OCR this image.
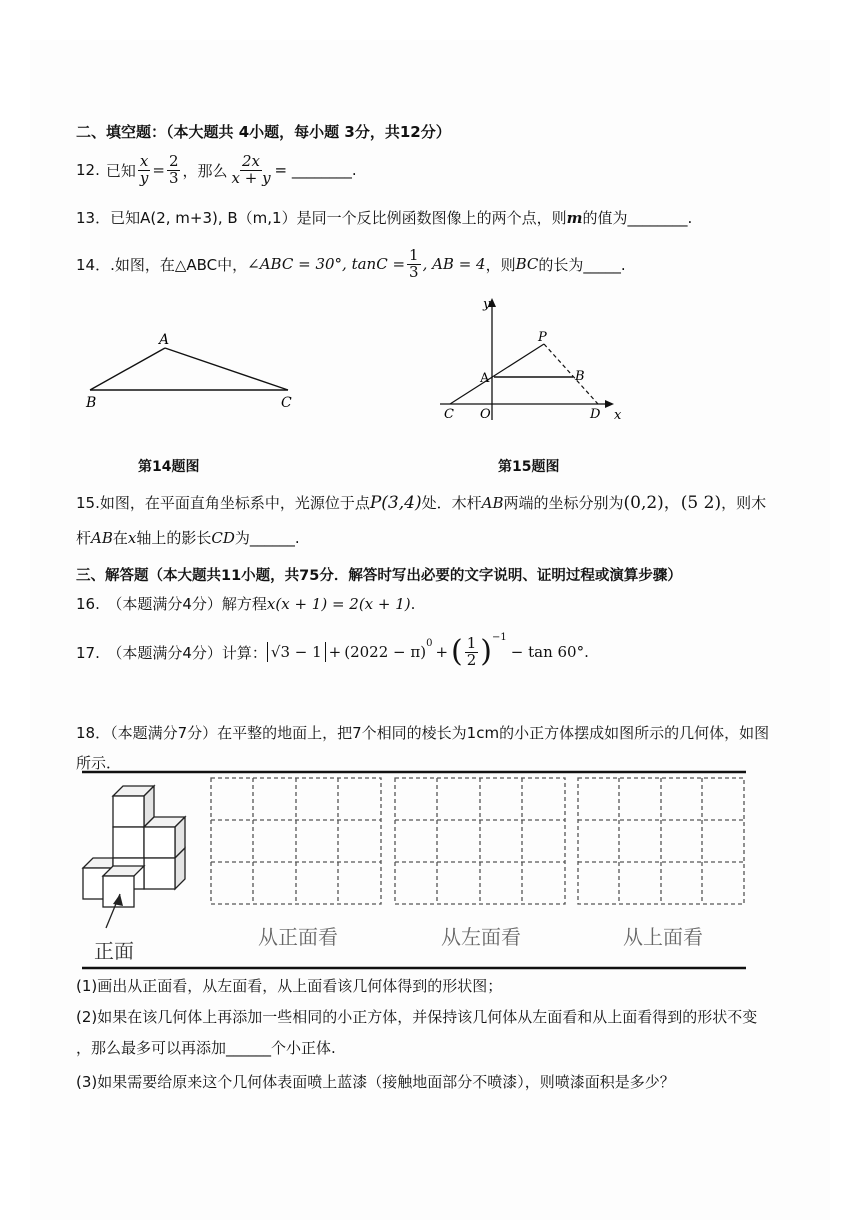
二、填空题：（本大题共 4小题，每小题 3分，共12分）
12. 已知 $\frac{x}{y} = \frac{2}{3}$ ，那么 $\frac{2x}{x + y}$ = ________.
13．已知A(2, m+3), B（m,1）是同一个反比例函数图像上的两个点，则m的值为________.
14．.如图，在△ABC中， ∠ABC = 30°, $\tan C = \frac{1}{3}$ , AB = 4 ，则 BC 的长为_____.
A
B	C
第14题图
y
x
P
A	B
C O	D
第15题图
15.如图，在平面直角坐标系中，光源位于点P(3,4)处．木杆AB两端的坐标分别为(0,2)，(5 2)，则木
杆AB在x轴上的影长CD为______.
三、解答题（本大题共11小题，共75分．解答时写出必要的文字说明、证明过程或演算步骤）
16.　（本题满分4分）解方程x(x + 1) = 2(x + 1).
17.　（本题满分4分）计算： $√3 - 1 + (2022 - \pi)^0$ + ( $\frac{1}{2} )^{-1}$
− tan 60°.
18．（本题满分7分）在平整的地面上，把7个相同的棱长为1cm的小正方体摆成如图所示的几何体，如图
所示．
正面
从正面看	从左面看	从上面看
(1)画出从正面看，从左面看，从上面看该几何体得到的形状图；
(2)如果在该几何体上再添加一些相同的小正方体，并保持该几何体从左面看和从上面看得到的形状不变
，那么最多可以再添加______个小正体.
(3)如果需要给原来这个几何体表面喷上蓝漆（接触地面部分不喷漆），则喷漆面积是多少？
